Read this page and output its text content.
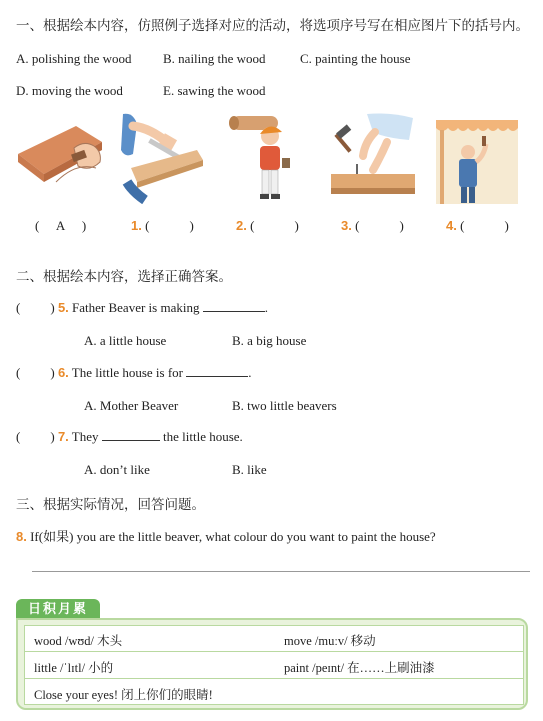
一、根据绘本内容，仿照例子选择对应的活动，将选项序号写在相应图片下的括号内。
A. polishing the wood B. nailing the wood	C. painting the house
D. moving the wood	E. sawing the wood
( A )	1. (	)	2. (	)	3. (	)	4. (	)
二、根据绘本内容，选择正确答案。
( ) 5. Father Beaver is making	.
A. a little house	B. a big house
( ) 6. The little house is for	.
A. Mother Beaver	B. two little beavers
( ) 7. They	the little house.
A. don’t like	B. like
三、根据实际情况，回答问题。
8. If(如果) you are the little beaver, what colour do you want to paint the house?
日积月累
wood /wʊd/ 木头	move /muːv/ 移动
little /ˈlɪtl/ 小的	paint /peɪnt/ 在……上刷油漆
Close your eyes! 闭上你们的眼睛!
